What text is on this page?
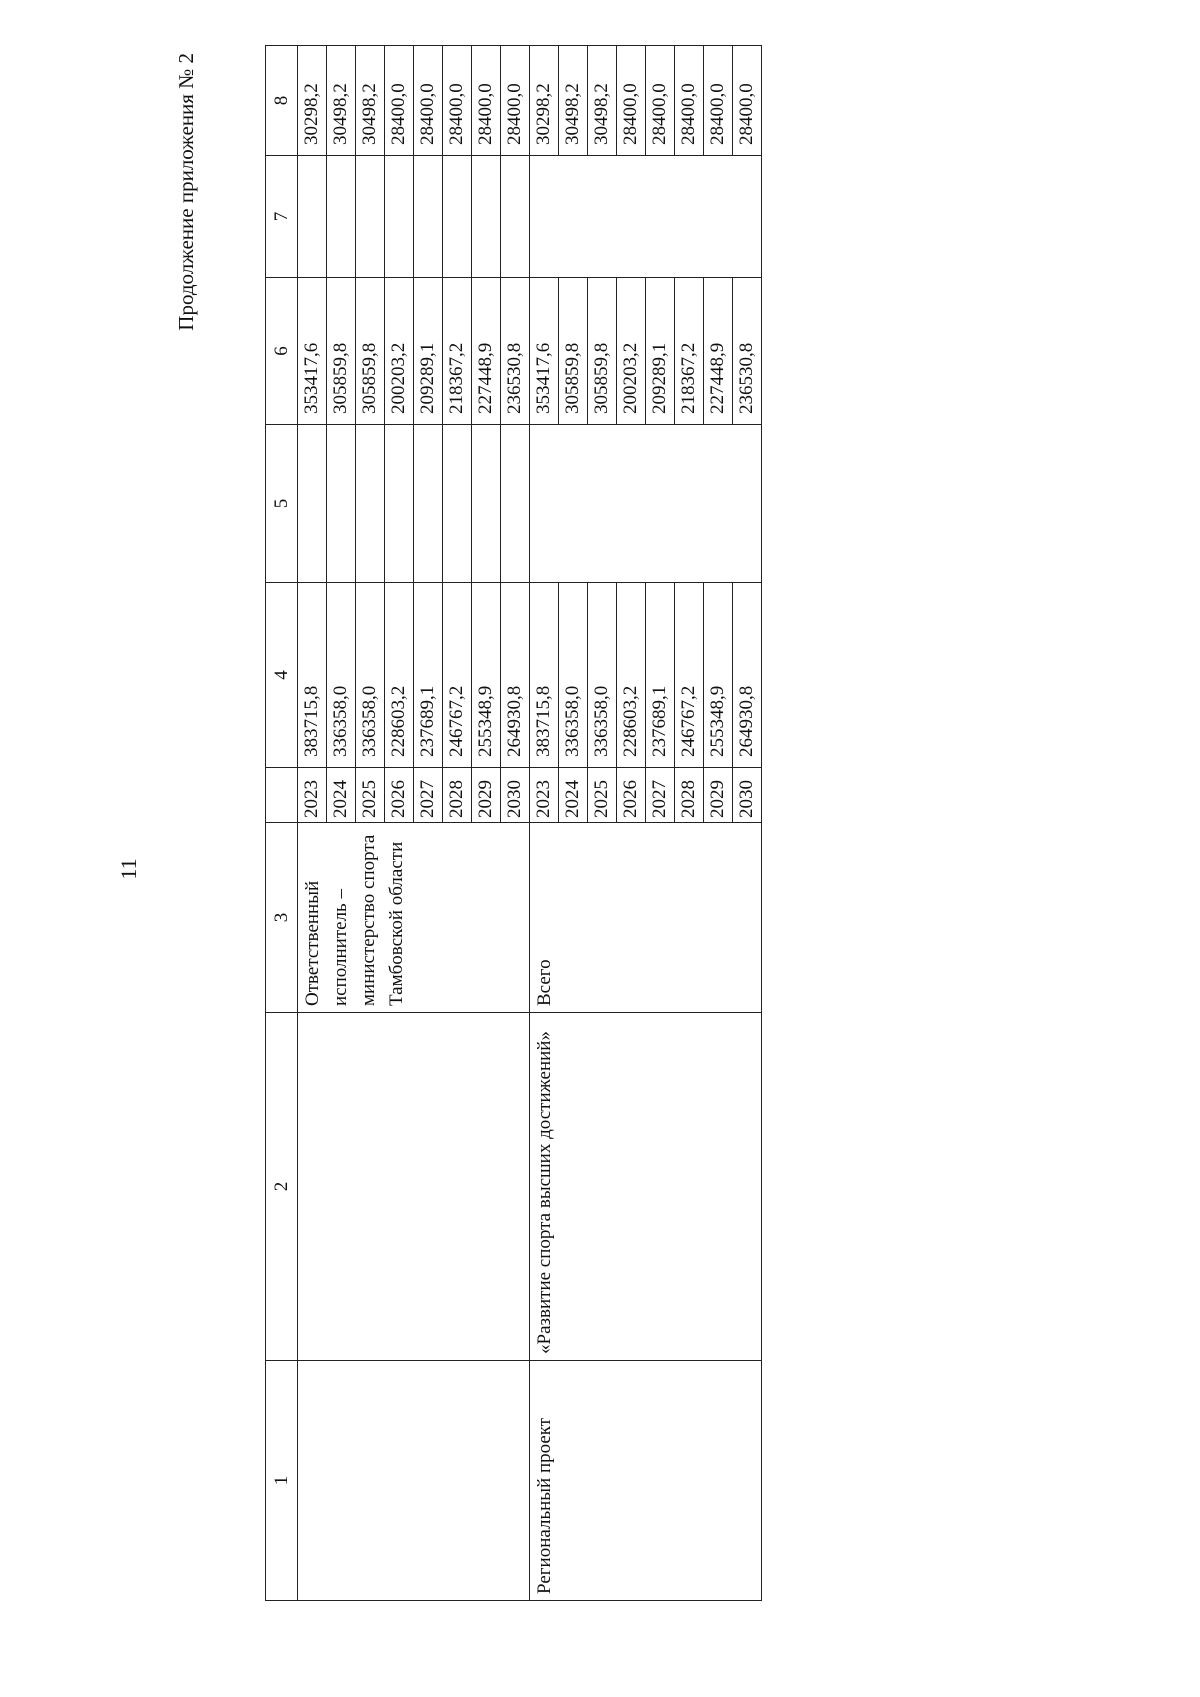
11
Продолжение приложения № 2
1	2	3		4	5	6	7	8
		Ответственный исполнитель – министерство спорта Тамбовской области	2023	383715,8		353417,6		30298,2
			2024	336358,0		305859,8		30498,2
			2025	336358,0		305859,8		30498,2
			2026	228603,2		200203,2		28400,0
			2027	237689,1		209289,1		28400,0
			2028	246767,2		218367,2		28400,0
			2029	255348,9		227448,9		28400,0
			2030	264930,8		236530,8		28400,0
Региональный проект	«Развитие спорта высших достижений»	Всего	2023	383715,8		353417,6		30298,2
			2024	336358,0		305859,8		30498,2
			2025	336358,0		305859,8		30498,2
			2026	228603,2		200203,2		28400,0
			2027	237689,1		209289,1		28400,0
			2028	246767,2		218367,2		28400,0
			2029	255348,9		227448,9		28400,0
			2030	264930,8		236530,8		28400,0
